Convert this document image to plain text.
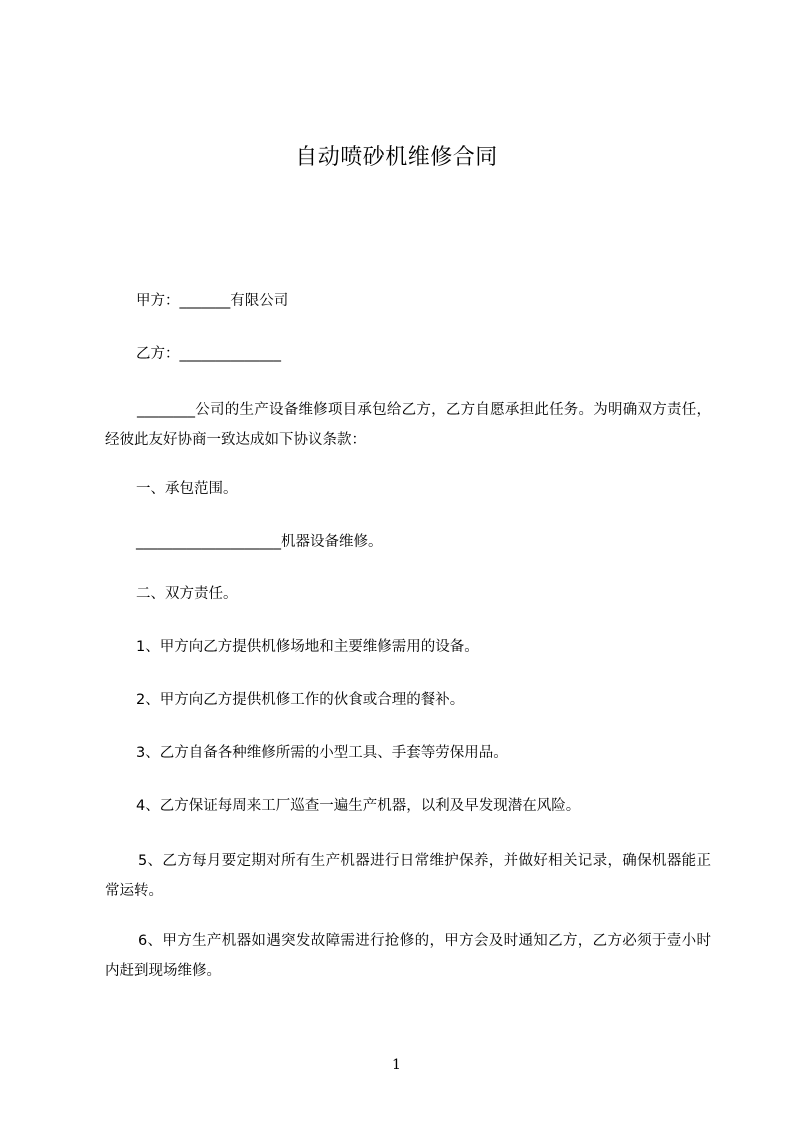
自动喷砂机维修合同
甲方：_______有限公司
乙方：______________
________公司的生产设备维修项目承包给乙方，乙方自愿承担此任务。为明确双方责任，经彼此友好协商一致达成如下协议条款：
一、承包范围。
____________________机器设备维修。
二、双方责任。
1、甲方向乙方提供机修场地和主要维修需用的设备。
2、甲方向乙方提供机修工作的伙食或合理的餐补。
3、乙方自备各种维修所需的小型工具、手套等劳保用品。
4、乙方保证每周来工厂巡查一遍生产机器，以利及早发现潜在风险。
5、乙方每月要定期对所有生产机器进行日常维护保养，并做好相关记录，确保机器能正常运转。
6、甲方生产机器如遇突发故障需进行抢修的，甲方会及时通知乙方，乙方必须于壹小时内赶到现场维修。
1
